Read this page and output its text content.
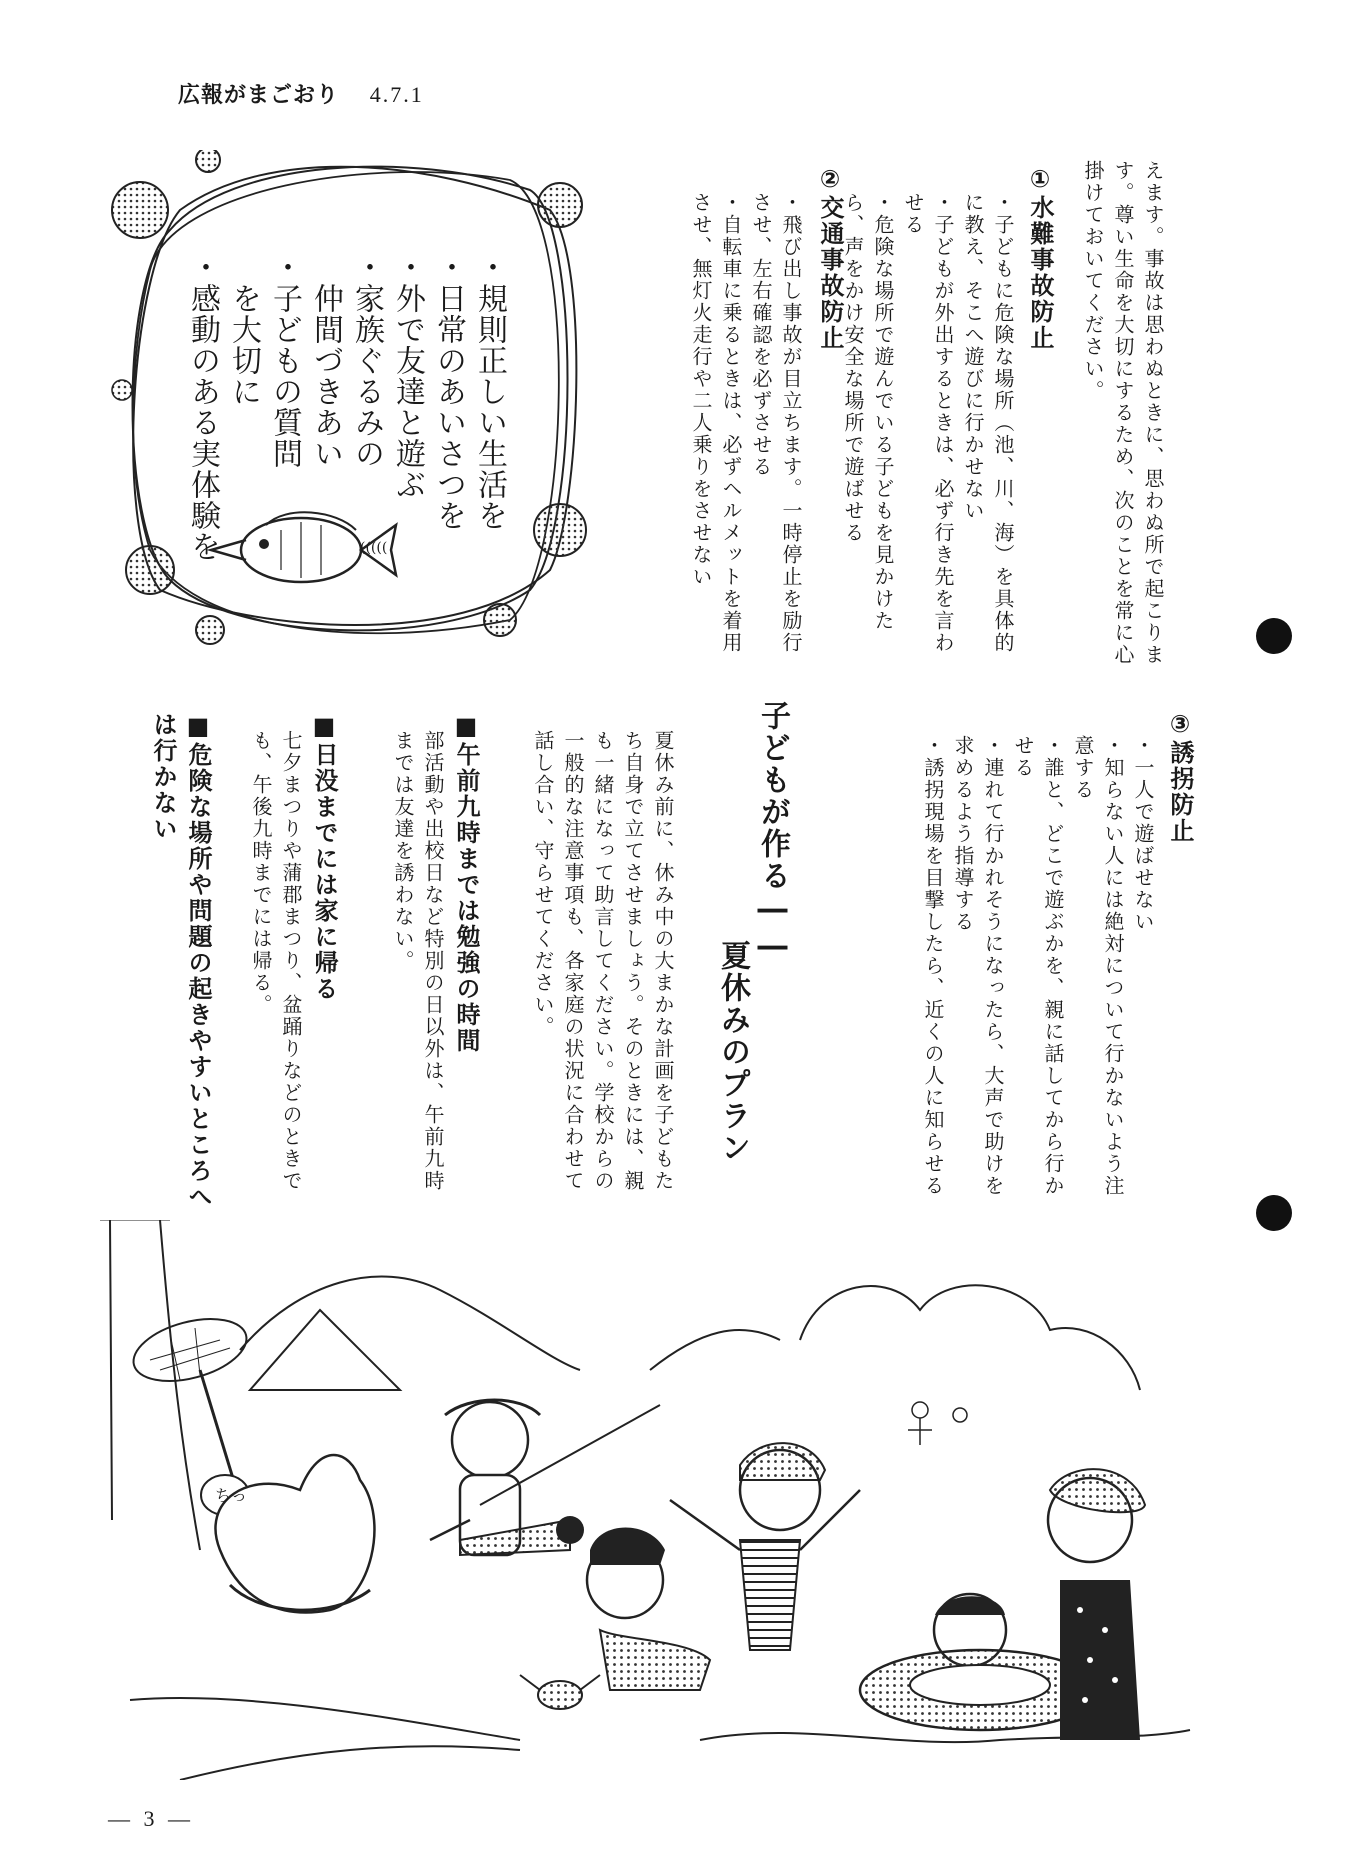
広報がまごおり 4.7.1
えます。事故は思わぬときに、思わぬ所で起こります。尊い生命を大切にするため、次のことを常に心掛けておいてください。
①水難事故防止
・子どもに危険な場所（池、川、海）を具体的に教え、そこへ遊びに行かせない
・子どもが外出するときは、必ず行き先を言わせる
・危険な場所で遊んでいる子どもを見かけたら、声をかけ安全な場所で遊ばせる
②交通事故防止
・飛び出し事故が目立ちます。一時停止を励行させ、左右確認を必ずさせる
・自転車に乗るときは、必ずヘルメットを着用させ、無灯火走行や二人乗りをさせない
・規則正しい生活を
・日常のあいさつを
・外で友達と遊ぶ
・家族ぐるみの
　仲間づきあい
・子どもの質問
　を大切に
・感動のある実体験を	(((((
③誘拐防止
・一人で遊ばせない
・知らない人には絶対について行かないよう注意する
・誰と、どこで遊ぶかを、親に話してから行かせる
・連れて行かれそうになったら、大声で助けを求めるよう指導する
・誘拐現場を目撃したら、近くの人に知らせる
夏休みのプラン
子どもが作る――
夏休み前に、休み中の大まかな計画を子どもたち自身で立てさせましょう。そのときには、親も一緒になって助言してください。学校からの一般的な注意事項も、各家庭の状況に合わせて話し合い、守らせてください。
■午前九時までは勉強の時間
部活動や出校日など特別の日以外は、午前九時までは友達を誘わない。
■日没までには家に帰る
七夕まつりや蒲郡まつり、盆踊りなどのときでも、午後九時までには帰る。
■危険な場所や問題の起きやすいところへは行かない
ちっ
— 3 —
